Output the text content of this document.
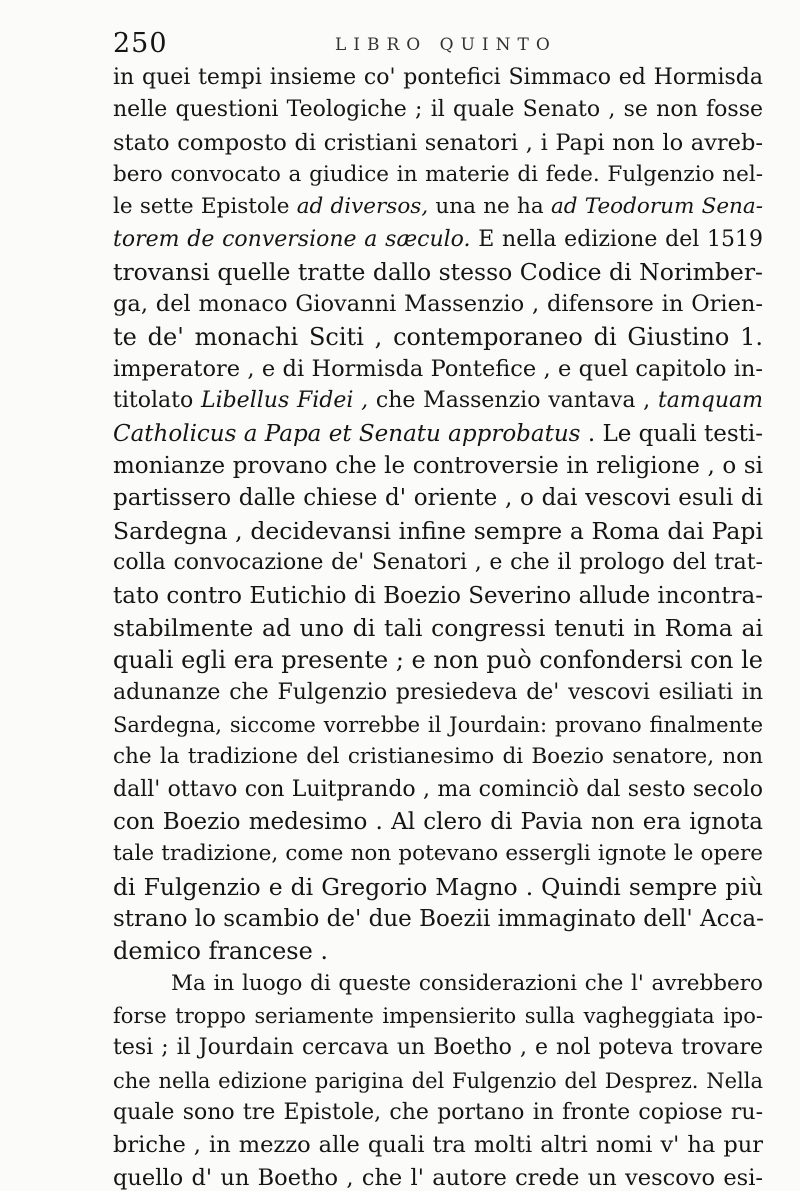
250	LIBRO QUINTO
in quei tempi insieme co' pontefici Simmaco ed Hormisda
nelle questioni Teologiche ; il quale Senato , se non fosse
stato composto di cristiani senatori , i Papi non lo avreb-
bero convocato a giudice in materie di fede. Fulgenzio nel-
le sette Epistole ad diversos, una ne ha ad Teodorum Sena-
torem de conversione a sæculo. E nella edizione del 1519
trovansi quelle tratte dallo stesso Codice di Norimber-
ga, del monaco Giovanni Massenzio , difensore in Orien-
te de' monachi Sciti , contemporaneo di Giustino 1.
imperatore , e di Hormisda Pontefice , e quel capitolo in-
titolato Libellus Fidei , che Massenzio vantava , tamquam
Catholicus a Papa et Senatu approbatus . Le quali testi-
monianze provano che le controversie in religione , o si
partissero dalle chiese d' oriente , o dai vescovi esuli di
Sardegna , decidevansi infine sempre a Roma dai Papi
colla convocazione de' Senatori , e che il prologo del trat-
tato contro Eutichio di Boezio Severino allude incontra-
stabilmente ad uno di tali congressi tenuti in Roma ai
quali egli era presente ; e non può confondersi con le
adunanze che Fulgenzio presiedeva de' vescovi esiliati in
Sardegna, siccome vorrebbe il Jourdain: provano finalmente
che la tradizione del cristianesimo di Boezio senatore, non
dall' ottavo con Luitprando , ma cominciò dal sesto secolo
con Boezio medesimo . Al clero di Pavia non era ignota
tale tradizione, come non potevano essergli ignote le opere
di Fulgenzio e di Gregorio Magno . Quindi sempre più
strano lo scambio de' due Boezii immaginato dell' Acca-
demico francese .
Ma in luogo di queste considerazioni che l' avrebbero
forse troppo seriamente impensierito sulla vagheggiata ipo-
tesi ; il Jourdain cercava un Boetho , e nol poteva trovare
che nella edizione parigina del Fulgenzio del Desprez. Nella
quale sono tre Epistole, che portano in fronte copiose ru-
briche , in mezzo alle quali tra molti altri nomi v' ha pur
quello d' un Boetho , che l' autore crede un vescovo esi-
